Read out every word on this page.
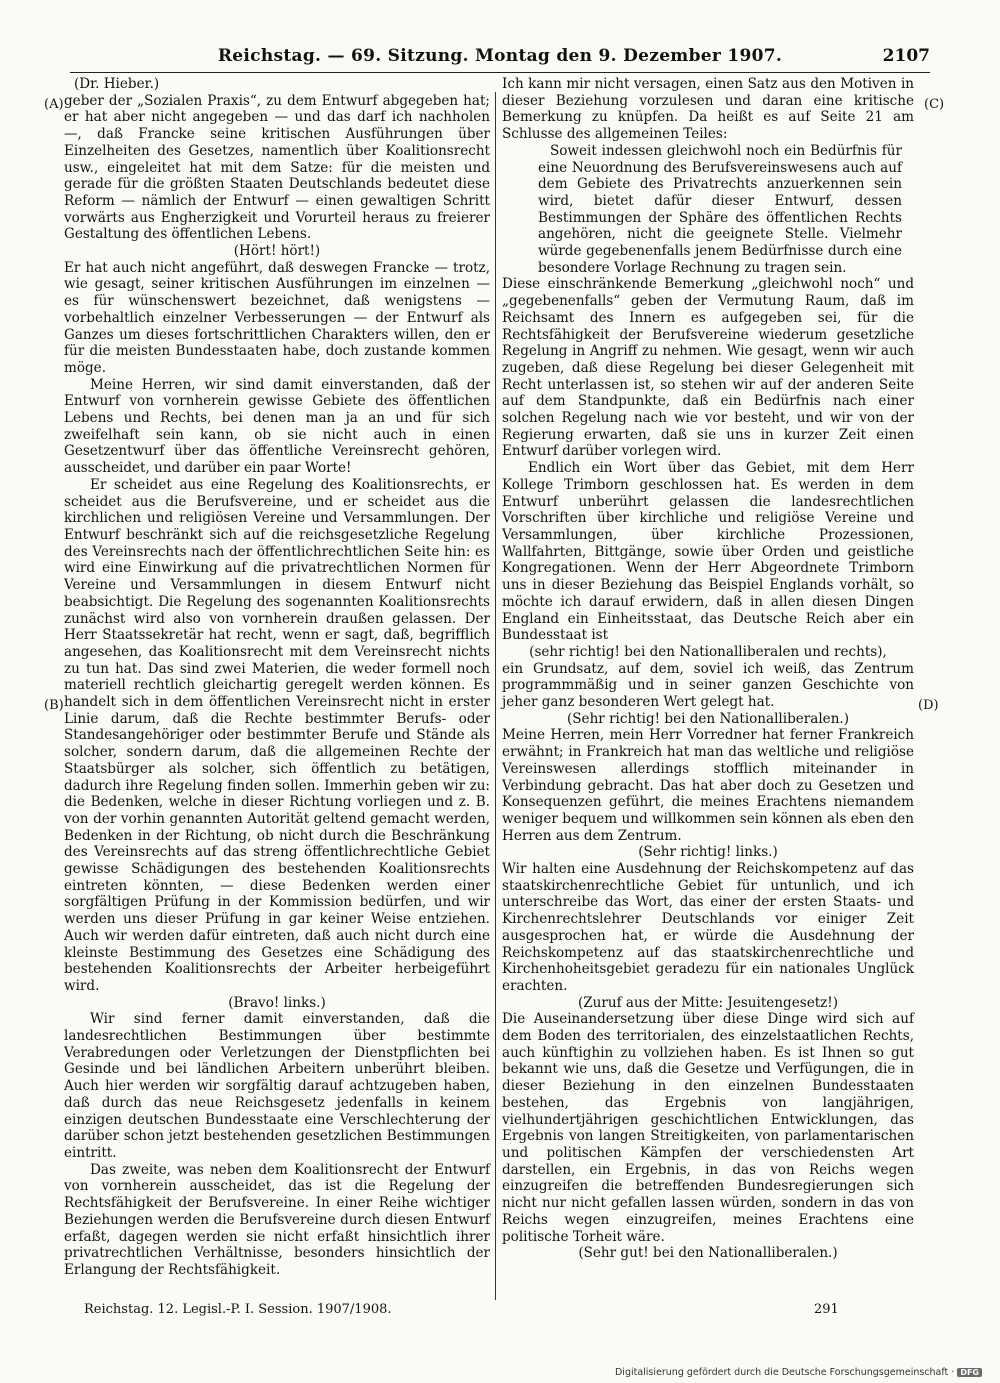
Reichstag. — 69. Sitzung. Montag den 9. Dezember 1907.	2107
(A)
(B)
(C)
(D)

(Dr. Hieber.)

geber der „Sozialen Praxis“, zu dem Entwurf abgegeben hat; er hat aber nicht angegeben — und das darf ich nachholen —, daß Francke seine kritischen Ausführungen über Einzelheiten des Gesetzes, namentlich über Koalitionsrecht usw., eingeleitet hat mit dem Satze: für die meisten und gerade für die größten Staaten Deutschlands bedeutet diese Reform — nämlich der Entwurf — einen gewaltigen Schritt vorwärts aus Engherzigkeit und Vorurteil heraus zu freierer Gestaltung des öffentlichen Lebens.

(Hört! hört!)

Er hat auch nicht angeführt, daß deswegen Francke — trotz, wie gesagt, seiner kritischen Ausführungen im einzelnen — es für wünschenswert bezeichnet, daß wenigstens — vorbehaltlich einzelner Verbesserungen — der Entwurf als Ganzes um dieses fortschrittlichen Charakters willen, den er für die meisten Bundesstaaten habe, doch zustande kommen möge.

Meine Herren, wir sind damit einverstanden, daß der Entwurf von vornherein gewisse Gebiete des öffentlichen Lebens und Rechts, bei denen man ja an und für sich zweifelhaft sein kann, ob sie nicht auch in einen Gesetzentwurf über das öffentliche Vereinsrecht gehören, ausscheidet, und darüber ein paar Worte!

Er scheidet aus eine Regelung des Koalitionsrechts, er scheidet aus die Berufsvereine, und er scheidet aus die kirchlichen und religiösen Vereine und Versammlungen. Der Entwurf beschränkt sich auf die reichsgesetzliche Regelung des Vereinsrechts nach der öffentlichrechtlichen Seite hin: es wird eine Einwirkung auf die privatrechtlichen Normen für Vereine und Versammlungen in diesem Entwurf nicht beabsichtigt. Die Regelung des sogenannten Koalitionsrechts zunächst wird also von vornherein draußen gelassen. Der Herr Staatssekretär hat recht, wenn er sagt, daß, begrifflich angesehen, das Koalitionsrecht mit dem Vereinsrecht nichts zu tun hat. Das sind zwei Materien, die weder formell noch materiell rechtlich gleichartig geregelt werden können. Es handelt sich in dem öffentlichen Vereinsrecht nicht in erster Linie darum, daß die Rechte bestimmter Berufs- oder Standesangehöriger oder bestimmter Berufe und Stände als solcher, sondern darum, daß die allgemeinen Rechte der Staatsbürger als solcher, sich öffentlich zu betätigen, dadurch ihre Regelung finden sollen. Immerhin geben wir zu: die Bedenken, welche in dieser Richtung vorliegen und z. B. von der vorhin genannten Autorität geltend gemacht werden, Bedenken in der Richtung, ob nicht durch die Beschränkung des Vereinsrechts auf das streng öffentlichrechtliche Gebiet gewisse Schädigungen des bestehenden Koalitionsrechts eintreten könnten, — diese Bedenken werden einer sorgfältigen Prüfung in der Kommission bedürfen, und wir werden uns dieser Prüfung in gar keiner Weise entziehen. Auch wir werden dafür eintreten, daß auch nicht durch eine kleinste Bestimmung des Gesetzes eine Schädigung des bestehenden Koalitionsrechts der Arbeiter herbeigeführt wird.

(Bravo! links.)

Wir sind ferner damit einverstanden, daß die landesrechtlichen Bestimmungen über bestimmte Verabredungen oder Verletzungen der Dienstpflichten bei Gesinde und bei ländlichen Arbeitern unberührt bleiben. Auch hier werden wir sorgfältig darauf achtzugeben haben, daß durch das neue Reichsgesetz jedenfalls in keinem einzigen deutschen Bundesstaate eine Verschlechterung der darüber schon jetzt bestehenden gesetzlichen Bestimmungen eintritt.

Das zweite, was neben dem Koalitionsrecht der Entwurf von vornherein ausscheidet, das ist die Regelung der Rechtsfähigkeit der Berufsvereine. In einer Reihe wichtiger Beziehungen werden die Berufsvereine durch diesen Entwurf erfaßt, dagegen werden sie nicht erfaßt hinsichtlich ihrer privatrechtlichen Verhältnisse, besonders hinsichtlich der Erlangung der Rechtsfähigkeit.

Ich kann mir nicht versagen, einen Satz aus den Motiven in dieser Beziehung vorzulesen und daran eine kritische Bemerkung zu knüpfen. Da heißt es auf Seite 21 am Schlusse des allgemeinen Teiles:

Soweit indessen gleichwohl noch ein Bedürfnis für eine Neuordnung des Berufsvereinswesens auch auf dem Gebiete des Privatrechts anzuerkennen sein wird, bietet dafür dieser Entwurf, dessen Bestimmungen der Sphäre des öffentlichen Rechts angehören, nicht die geeignete Stelle. Vielmehr würde gegebenenfalls jenem Bedürfnisse durch eine besondere Vorlage Rechnung zu tragen sein.

Diese einschränkende Bemerkung „gleichwohl noch“ und „gegebenenfalls“ geben der Vermutung Raum, daß im Reichsamt des Innern es aufgegeben sei, für die Rechtsfähigkeit der Berufsvereine wiederum gesetzliche Regelung in Angriff zu nehmen. Wie gesagt, wenn wir auch zugeben, daß diese Regelung bei dieser Gelegenheit mit Recht unterlassen ist, so stehen wir auf der anderen Seite auf dem Standpunkte, daß ein Bedürfnis nach einer solchen Regelung nach wie vor besteht, und wir von der Regierung erwarten, daß sie uns in kurzer Zeit einen Entwurf darüber vorlegen wird.

Endlich ein Wort über das Gebiet, mit dem Herr Kollege Trimborn geschlossen hat. Es werden in dem Entwurf unberührt gelassen die landesrechtlichen Vorschriften über kirchliche und religiöse Vereine und Versammlungen, über kirchliche Prozessionen, Wallfahrten, Bittgänge, sowie über Orden und geistliche Kongregationen. Wenn der Herr Abgeordnete Trimborn uns in dieser Beziehung das Beispiel Englands vorhält, so möchte ich darauf erwidern, daß in allen diesen Dingen England ein Einheitsstaat, das Deutsche Reich aber ein Bundesstaat ist

(sehr richtig! bei den Nationalliberalen und rechts),

ein Grundsatz, auf dem, soviel ich weiß, das Zentrum programmmäßig und in seiner ganzen Geschichte von jeher ganz besonderen Wert gelegt hat.

(Sehr richtig! bei den Nationalliberalen.)

Meine Herren, mein Herr Vorredner hat ferner Frankreich erwähnt; in Frankreich hat man das weltliche und religiöse Vereinswesen allerdings stofflich miteinander in Verbindung gebracht. Das hat aber doch zu Gesetzen und Konsequenzen geführt, die meines Erachtens niemandem weniger bequem und willkommen sein können als eben den Herren aus dem Zentrum.

(Sehr richtig! links.)

Wir halten eine Ausdehnung der Reichskompetenz auf das staatskirchenrechtliche Gebiet für untunlich, und ich unterschreibe das Wort, das einer der ersten Staats- und Kirchenrechtslehrer Deutschlands vor einiger Zeit ausgesprochen hat, er würde die Ausdehnung der Reichskompetenz auf das staatskirchenrechtliche und Kirchenhoheitsgebiet geradezu für ein nationales Unglück erachten.

(Zuruf aus der Mitte: Jesuitengesetz!)

Die Auseinandersetzung über diese Dinge wird sich auf dem Boden des territorialen, des einzelstaatlichen Rechts, auch künftighin zu vollziehen haben. Es ist Ihnen so gut bekannt wie uns, daß die Gesetze und Verfügungen, die in dieser Beziehung in den einzelnen Bundesstaaten bestehen, das Ergebnis von langjährigen, vielhundertjährigen geschichtlichen Entwicklungen, das Ergebnis von langen Streitigkeiten, von parlamentarischen und politischen Kämpfen der verschiedensten Art darstellen, ein Ergebnis, in das von Reichs wegen einzugreifen die betreffenden Bundesregierungen sich nicht nur nicht gefallen lassen würden, sondern in das von Reichs wegen einzugreifen, meines Erachtens eine politische Torheit wäre.

(Sehr gut! bei den Nationalliberalen.)

Reichstag. 12. Legisl.-P. I. Session. 1907/1908.	291
Digitalisierung gefördert durch die Deutsche Forschungsgemeinschaft · DFG
